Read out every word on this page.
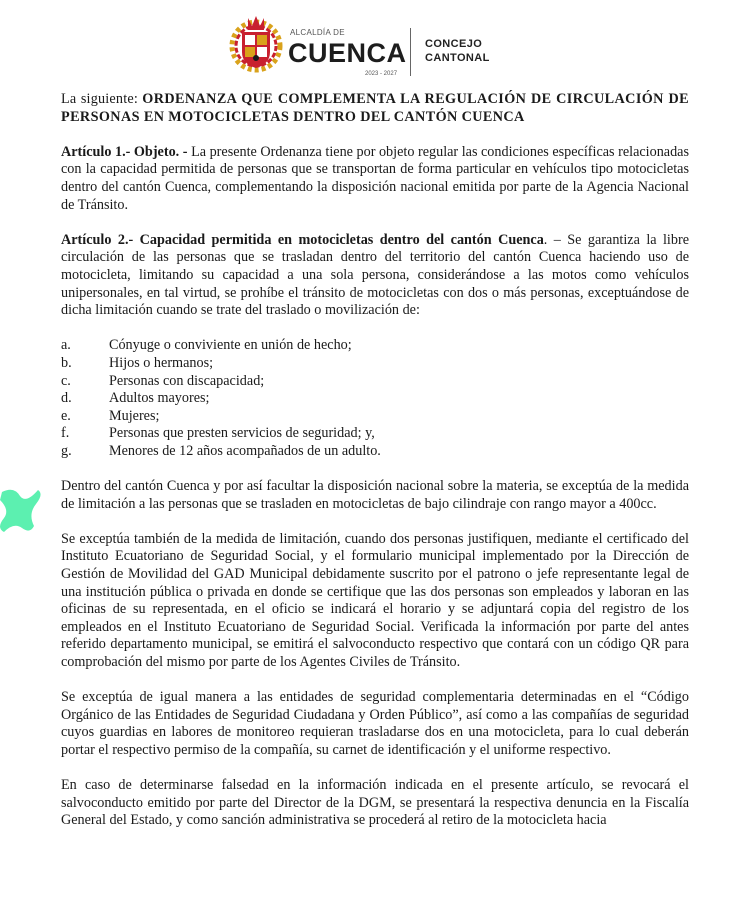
ALCALDÍA DE
CUENCA
2023 - 2027
CONCEJO
CANTONAL
La siguiente: ORDENANZA QUE COMPLEMENTA LA REGULACIÓN DE CIRCULACIÓN DE PERSONAS EN MOTOCICLETAS DENTRO DEL CANTÓN CUENCA

Artículo 1.- Objeto. - La presente Ordenanza tiene por objeto regular las condiciones específicas relacionadas con la capacidad permitida de personas que se transportan de forma particular en vehículos tipo motocicletas dentro del cantón Cuenca, complementando la disposición nacional emitida por parte de la Agencia Nacional de Tránsito.

Artículo 2.- Capacidad permitida en motocicletas dentro del cantón Cuenca. – Se garantiza la libre circulación de las personas que se trasladan dentro del territorio del cantón Cuenca haciendo uso de motocicleta, limitando su capacidad a una sola persona, considerándose a las motos como vehículos unipersonales, en tal virtud, se prohíbe el tránsito de motocicletas con dos o más personas, exceptuándose de dicha limitación cuando se trate del traslado o movilización de:

a.	Cónyuge o conviviente en unión de hecho;
b.	Hijos o hermanos;
c.	Personas con discapacidad;
d.	Adultos mayores;
e.	Mujeres;
f.	Personas que presten servicios de seguridad; y,
g.	Menores de 12 años acompañados de un adulto.

Dentro del cantón Cuenca y por así facultar la disposición nacional sobre la materia, se exceptúa de la medida de limitación a las personas que se trasladen en motocicletas de bajo cilindraje con rango mayor a 400cc.

Se exceptúa también de la medida de limitación, cuando dos personas justifiquen, mediante el certificado del Instituto Ecuatoriano de Seguridad Social, y el formulario municipal implementado por la Dirección de Gestión de Movilidad del GAD Municipal debidamente suscrito por el patrono o jefe representante legal de una institución pública o privada en donde se certifique que las dos personas son empleados y laboran en las oficinas de su representada, en el oficio se indicará el horario y se adjuntará copia del registro de los empleados en el Instituto Ecuatoriano de Seguridad Social. Verificada la información por parte del antes referido departamento municipal, se emitirá el salvoconducto respectivo que contará con un código QR para comprobación del mismo por parte de los Agentes Civiles de Tránsito.

Se exceptúa de igual manera a las entidades de seguridad complementaria determinadas en el “Código Orgánico de las Entidades de Seguridad Ciudadana y Orden Público”, así como a las compañías de seguridad cuyos guardias en labores de monitoreo requieran trasladarse dos en una motocicleta, para lo cual deberán portar el respectivo permiso de la compañía, su carnet de identificación y el uniforme respectivo.

En caso de determinarse falsedad en la información indicada en el presente artículo, se revocará el salvoconducto emitido por parte del Director de la DGM, se presentará la respectiva denuncia en la Fiscalía General del Estado, y como sanción administrativa se procederá al retiro de la motocicleta hacia
